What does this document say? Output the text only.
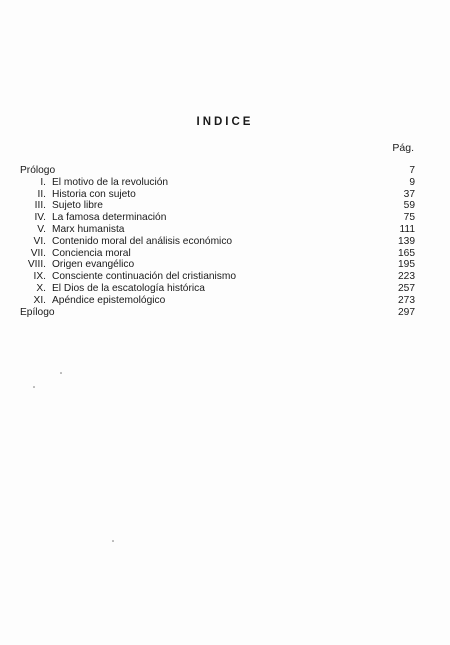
INDICE
Pág.
Prólogo	7
I. El motivo de la revolución	9
II. Historia con sujeto	37
III. Sujeto libre	59
IV. La famosa determinación	75
V. Marx humanista	111
VI. Contenido moral del análisis económico	139
VII. Conciencia moral	165
VIII. Origen evangélico	195
IX. Consciente continuación del cristianismo	223
X. El Dios de la escatología histórica	257
XI. Apéndice epistemológico	273
Epílogo	297
